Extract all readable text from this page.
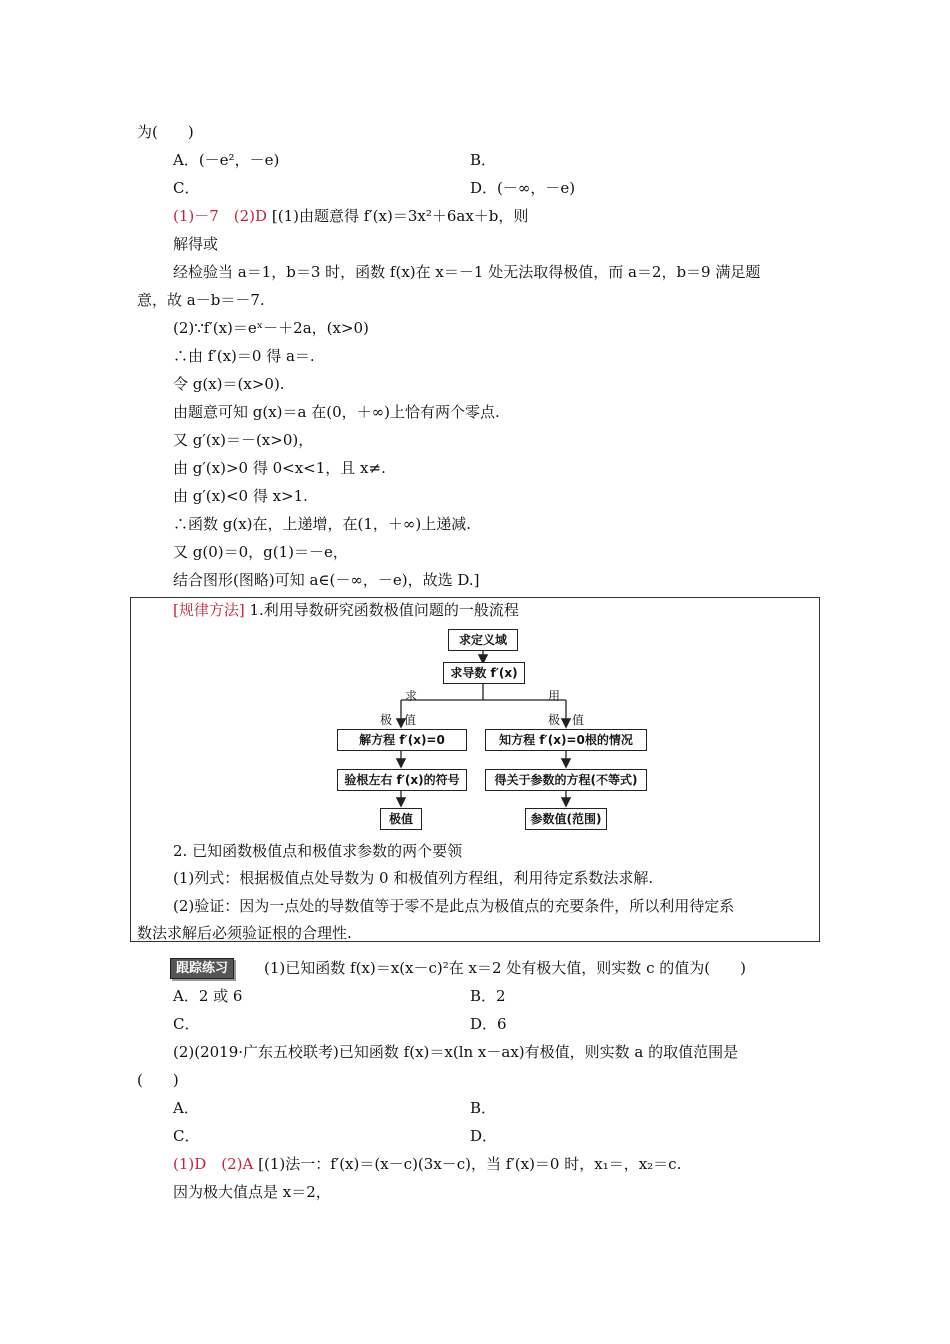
为(　　)
A．(－e²，－e)	B．
C．	D．(－∞，－e)
(1)－7　(2)D [(1)由题意得 f′(x)＝3x²＋6ax＋b，则
解得或
经检验当 a＝1，b＝3 时，函数 f(x)在 x＝－1 处无法取得极值，而 a＝2，b＝9 满足题
意，故 a－b＝－7.
(2)∵f′(x)＝eˣ－＋2a，(x>0)
∴由 f′(x)＝0 得 a＝.
令 g(x)＝(x>0).
由题意可知 g(x)＝a 在(0，＋∞)上恰有两个零点.
又 g′(x)＝－(x>0)，
由 g′(x)>0 得 0<x<1，且 x≠.
由 g′(x)<0 得 x>1.
∴函数 g(x)在，上递增，在(1，＋∞)上递减.
又 g(0)＝0，g(1)＝－e，
结合图形(图略)可知 a∈(－∞，－e)，故选 D.]
[规律方法] 1.利用导数研究函数极值问题的一般流程
求定义域
求导数 f′(x)
求	用
极　值	极　值
解方程 f′(x)=0
验根左右 f′(x)的符号
极值
知方程 f′(x)=0根的情况
得关于参数的方程(不等式)
参数值(范围)
2. 已知函数极值点和极值求参数的两个要领
(1)列式：根据极值点处导数为 0 和极值列方程组，利用待定系数法求解.
(2)验证：因为一点处的导数值等于零不是此点为极值点的充要条件，所以利用待定系
数法求解后必须验证根的合理性.
跟踪练习	(1)已知函数 f(x)＝x(x－c)²在 x＝2 处有极大值，则实数 c 的值为(　　)
A．2 或 6	B．2
C．	D．6
(2)(2019·广东五校联考)已知函数 f(x)＝x(ln x－ax)有极值，则实数 a 的取值范围是
(　　)
A．	B．
C．	D．
(1)D　(2)A [(1)法一：f′(x)＝(x－c)(3x－c)，当 f′(x)＝0 时，x₁＝，x₂＝c.
因为极大值点是 x＝2，
